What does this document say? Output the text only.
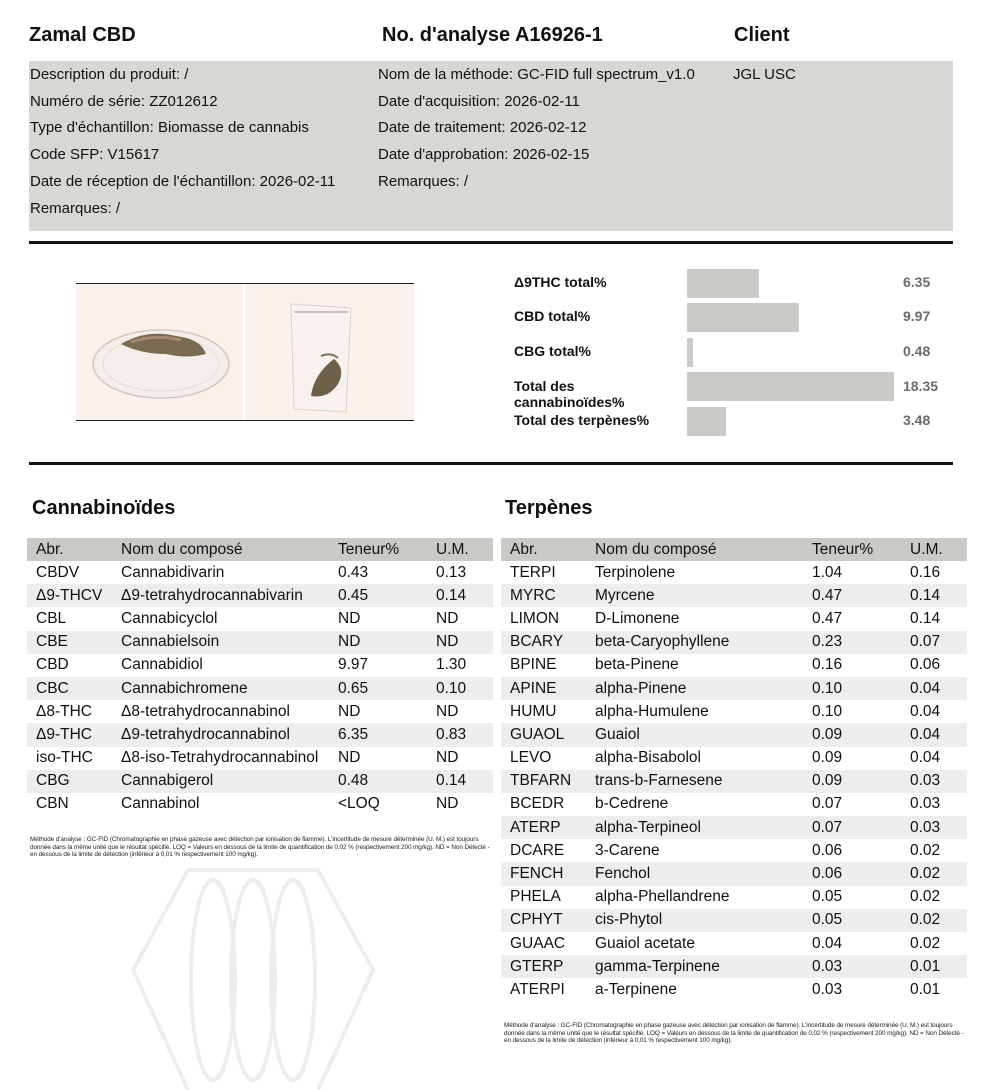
Zamal CBD	No. d'analyse A16926-1	Client
Description du produit: /
Numéro de série: ZZ012612
Type d'échantillon: Biomasse de cannabis
Code SFP: V15617
Date de réception de l'échantillon: 2026-02-11
Remarques: /
Nom de la méthode: GC-FID full spectrum_v1.0
Date d'acquisition: 2026-02-11
Date de traitement: 2026-02-12
Date d'approbation: 2026-02-15
Remarques: /
JGL USC
Δ9THC total%	6.35
CBD total%	9.97
CBG total%	0.48
Total des cannabinoïdes%
18.35
Total des terpènes%	3.48
Cannabinoïdes	Terpènes
Abr.	Nom du composé	Teneur%	U.M.
CBDV	Cannabidivarin	0.43	0.13
Δ9-THCV	Δ9-tetrahydrocannabivarin	0.45	0.14
CBL	Cannabicyclol	ND	ND
CBE	Cannabielsoin	ND	ND
CBD	Cannabidiol	9.97	1.30
CBC	Cannabichromene	0.65	0.10
Δ8-THC	Δ8-tetrahydrocannabinol	ND	ND
Δ9-THC	Δ9-tetrahydrocannabinol	6.35	0.83
iso-THC	Δ8-iso-Tetrahydrocannabinol	ND	ND
CBG	Cannabigerol	0.48	0.14
CBN	Cannabinol	<LOQ	ND
Méthode d'analyse : GC-FID (Chromatographie en phase gazeuse avec détection par ionisation de flamme). L'incertitude de mesure déterminée (U. M.) est toujours donnée dans la même unité que le résultat spécifié. LOQ = Valeurs en dessous de la limite de quantification de 0,02 % (respectivement 200 mg/kg). ND = Non Détecté - en dessous de la limite de détection (inférieur à 0,01 % respectivement 100 mg/kg).
Abr.	Nom du composé	Teneur%	U.M.
TERPI	Terpinolene	1.04	0.16
MYRC	Myrcene	0.47	0.14
LIMON	D-Limonene	0.47	0.14
BCARY	beta-Caryophyllene	0.23	0.07
BPINE	beta-Pinene	0.16	0.06
APINE	alpha-Pinene	0.10	0.04
HUMU	alpha-Humulene	0.10	0.04
GUAOL	Guaiol	0.09	0.04
LEVO	alpha-Bisabolol	0.09	0.04
TBFARN	trans-b-Farnesene	0.09	0.03
BCEDR	b-Cedrene	0.07	0.03
ATERP	alpha-Terpineol	0.07	0.03
DCARE	3-Carene	0.06	0.02
FENCH	Fenchol	0.06	0.02
PHELA	alpha-Phellandrene	0.05	0.02
CPHYT	cis-Phytol	0.05	0.02
GUAAC	Guaiol acetate	0.04	0.02
GTERP	gamma-Terpinene	0.03	0.01
ATERPI	a-Terpinene	0.03	0.01
Méthode d'analyse : GC-FID (Chromatographie en phase gazeuse avec détection par ionisation de flamme). L'incertitude de mesure déterminée (U. M.) est toujours donnée dans la même unité que le résultat spécifié. LOQ = Valeurs en dessous de la limite de quantification de 0,02 % (respectivement 200 mg/kg). ND = Non Détecté - en dessous de la limite de détection (inférieur à 0,01 % respectivement 100 mg/kg).
